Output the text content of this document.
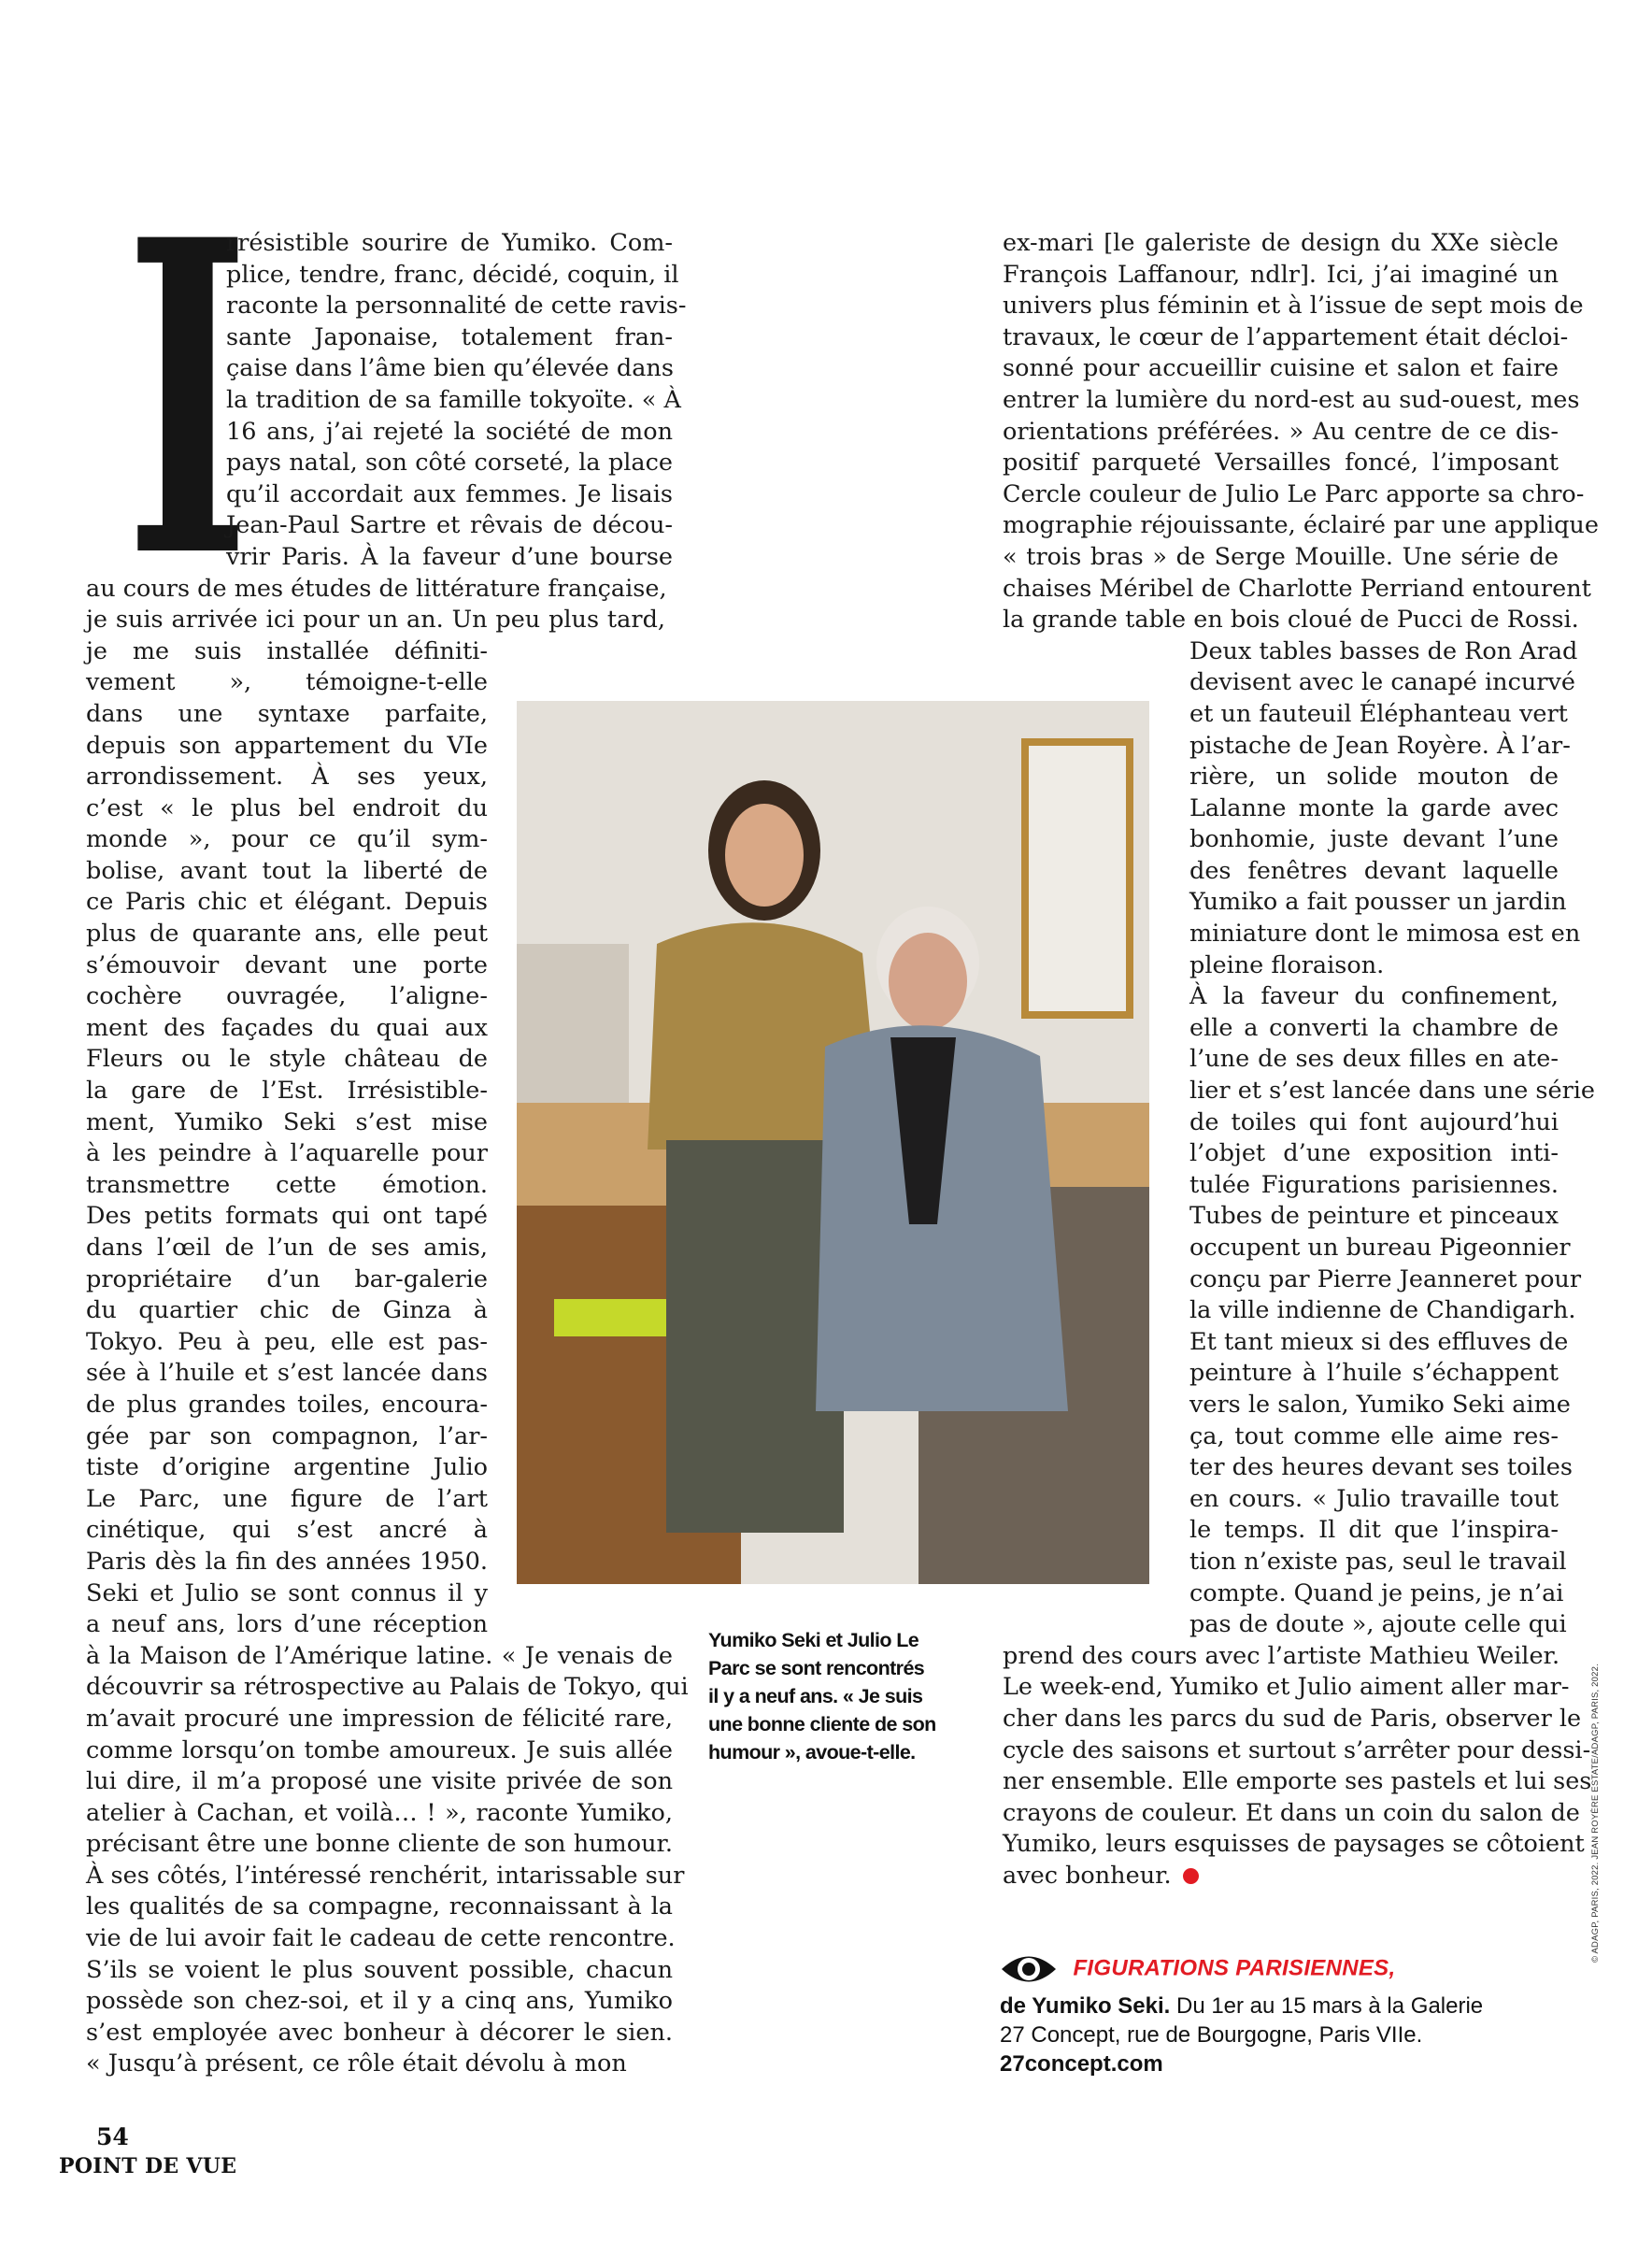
I
rrésistible sourire de Yumiko. Com-
plice, tendre, franc, décidé, coquin, il
raconte la personnalité de cette ravis-
sante Japonaise, totalement fran-
çaise dans l’âme bien qu’élevée dans
la tradition de sa famille tokyoïte. « À
16 ans, j’ai rejeté la société de mon
pays natal, son côté corseté, la place
qu’il accordait aux femmes. Je lisais
Jean-Paul Sartre et rêvais de décou-
vrir Paris. À la faveur d’une bourse
au cours de mes études de littérature française,
je suis arrivée ici pour un an. Un peu plus tard,
je me suis installée définiti-
vement », témoigne-t-elle
dans une syntaxe parfaite,
depuis son appartement du VIe
arrondissement. À ses yeux,
c’est « le plus bel endroit du
monde », pour ce qu’il sym-
bolise, avant tout la liberté de
ce Paris chic et élégant. Depuis
plus de quarante ans, elle peut
s’émouvoir devant une porte
cochère ouvragée, l’aligne-
ment des façades du quai aux
Fleurs ou le style château de
la gare de l’Est. Irrésistible-
ment, Yumiko Seki s’est mise
à les peindre à l’aquarelle pour
transmettre cette émotion.
Des petits formats qui ont tapé
dans l’œil de l’un de ses amis,
propriétaire d’un bar-galerie
du quartier chic de Ginza à
Tokyo. Peu à peu, elle est pas-
sée à l’huile et s’est lancée dans
de plus grandes toiles, encoura-
gée par son compagnon, l’ar-
tiste d’origine argentine Julio
Le Parc, une figure de l’art
cinétique, qui s’est ancré à
Paris dès la fin des années 1950.
Seki et Julio se sont connus il y
a neuf ans, lors d’une réception
à la Maison de l’Amérique latine. « Je venais de
découvrir sa rétrospective au Palais de Tokyo, qui
m’avait procuré une impression de félicité rare,
comme lorsqu’on tombe amoureux. Je suis allée
lui dire, il m’a proposé une visite privée de son
atelier à Cachan, et voilà… ! », raconte Yumiko,
précisant être une bonne cliente de son humour.
À ses côtés, l’intéressé renchérit, intarissable sur
les qualités de sa compagne, reconnaissant à la
vie de lui avoir fait le cadeau de cette rencontre.
S’ils se voient le plus souvent possible, chacun
possède son chez-soi, et il y a cinq ans, Yumiko
s’est employée avec bonheur à décorer le sien.
« Jusqu’à présent, ce rôle était dévolu à mon
Yumiko Seki et Julio Le
Parc se sont rencontrés
il y a neuf ans. « Je suis
une bonne cliente de son
humour », avoue-t-elle.
ex-mari [le galeriste de design du XXe siècle
François Laffanour, ndlr]. Ici, j’ai imaginé un
univers plus féminin et à l’issue de sept mois de
travaux, le cœur de l’appartement était décloi-
sonné pour accueillir cuisine et salon et faire
entrer la lumière du nord-est au sud-ouest, mes
orientations préférées. » Au centre de ce dis-
positif parqueté Versailles foncé, l’imposant
Cercle couleur de Julio Le Parc apporte sa chro-
mographie réjouissante, éclairé par une applique
« trois bras » de Serge Mouille. Une série de
chaises Méribel de Charlotte Perriand entourent
la grande table en bois cloué de Pucci de Rossi.
Deux tables basses de Ron Arad
devisent avec le canapé incurvé
et un fauteuil Éléphanteau vert
pistache de Jean Royère. À l’ar-
rière, un solide mouton de
Lalanne monte la garde avec
bonhomie, juste devant l’une
des fenêtres devant laquelle
Yumiko a fait pousser un jardin
miniature dont le mimosa est en
pleine floraison.
À la faveur du confinement,
elle a converti la chambre de
l’une de ses deux filles en ate-
lier et s’est lancée dans une série
de toiles qui font aujourd’hui
l’objet d’une exposition inti-
tulée Figurations parisiennes.
Tubes de peinture et pinceaux
occupent un bureau Pigeonnier
conçu par Pierre Jeanneret pour
la ville indienne de Chandigarh.
Et tant mieux si des effluves de
peinture à l’huile s’échappent
vers le salon, Yumiko Seki aime
ça, tout comme elle aime res-
ter des heures devant ses toiles
en cours. « Julio travaille tout
le temps. Il dit que l’inspira-
tion n’existe pas, seul le travail
compte. Quand je peins, je n’ai
pas de doute », ajoute celle qui
prend des cours avec l’artiste Mathieu Weiler.
Le week-end, Yumiko et Julio aiment aller mar-
cher dans les parcs du sud de Paris, observer le
cycle des saisons et surtout s’arrêter pour dessi-
ner ensemble. Elle emporte ses pastels et lui ses
crayons de couleur. Et dans un coin du salon de
Yumiko, leurs esquisses de paysages se côtoient
avec bonheur.
FIGURATIONS PARISIENNES,
de Yumiko Seki. Du 1er au 15 mars à la Galerie
27 Concept, rue de Bourgogne, Paris VIIe.
27concept.com
© ADAGP, PARIS, 2022. JEAN ROYÈRE ESTATE/ADAGP, PARIS, 2022.
54
POINT DE VUE
